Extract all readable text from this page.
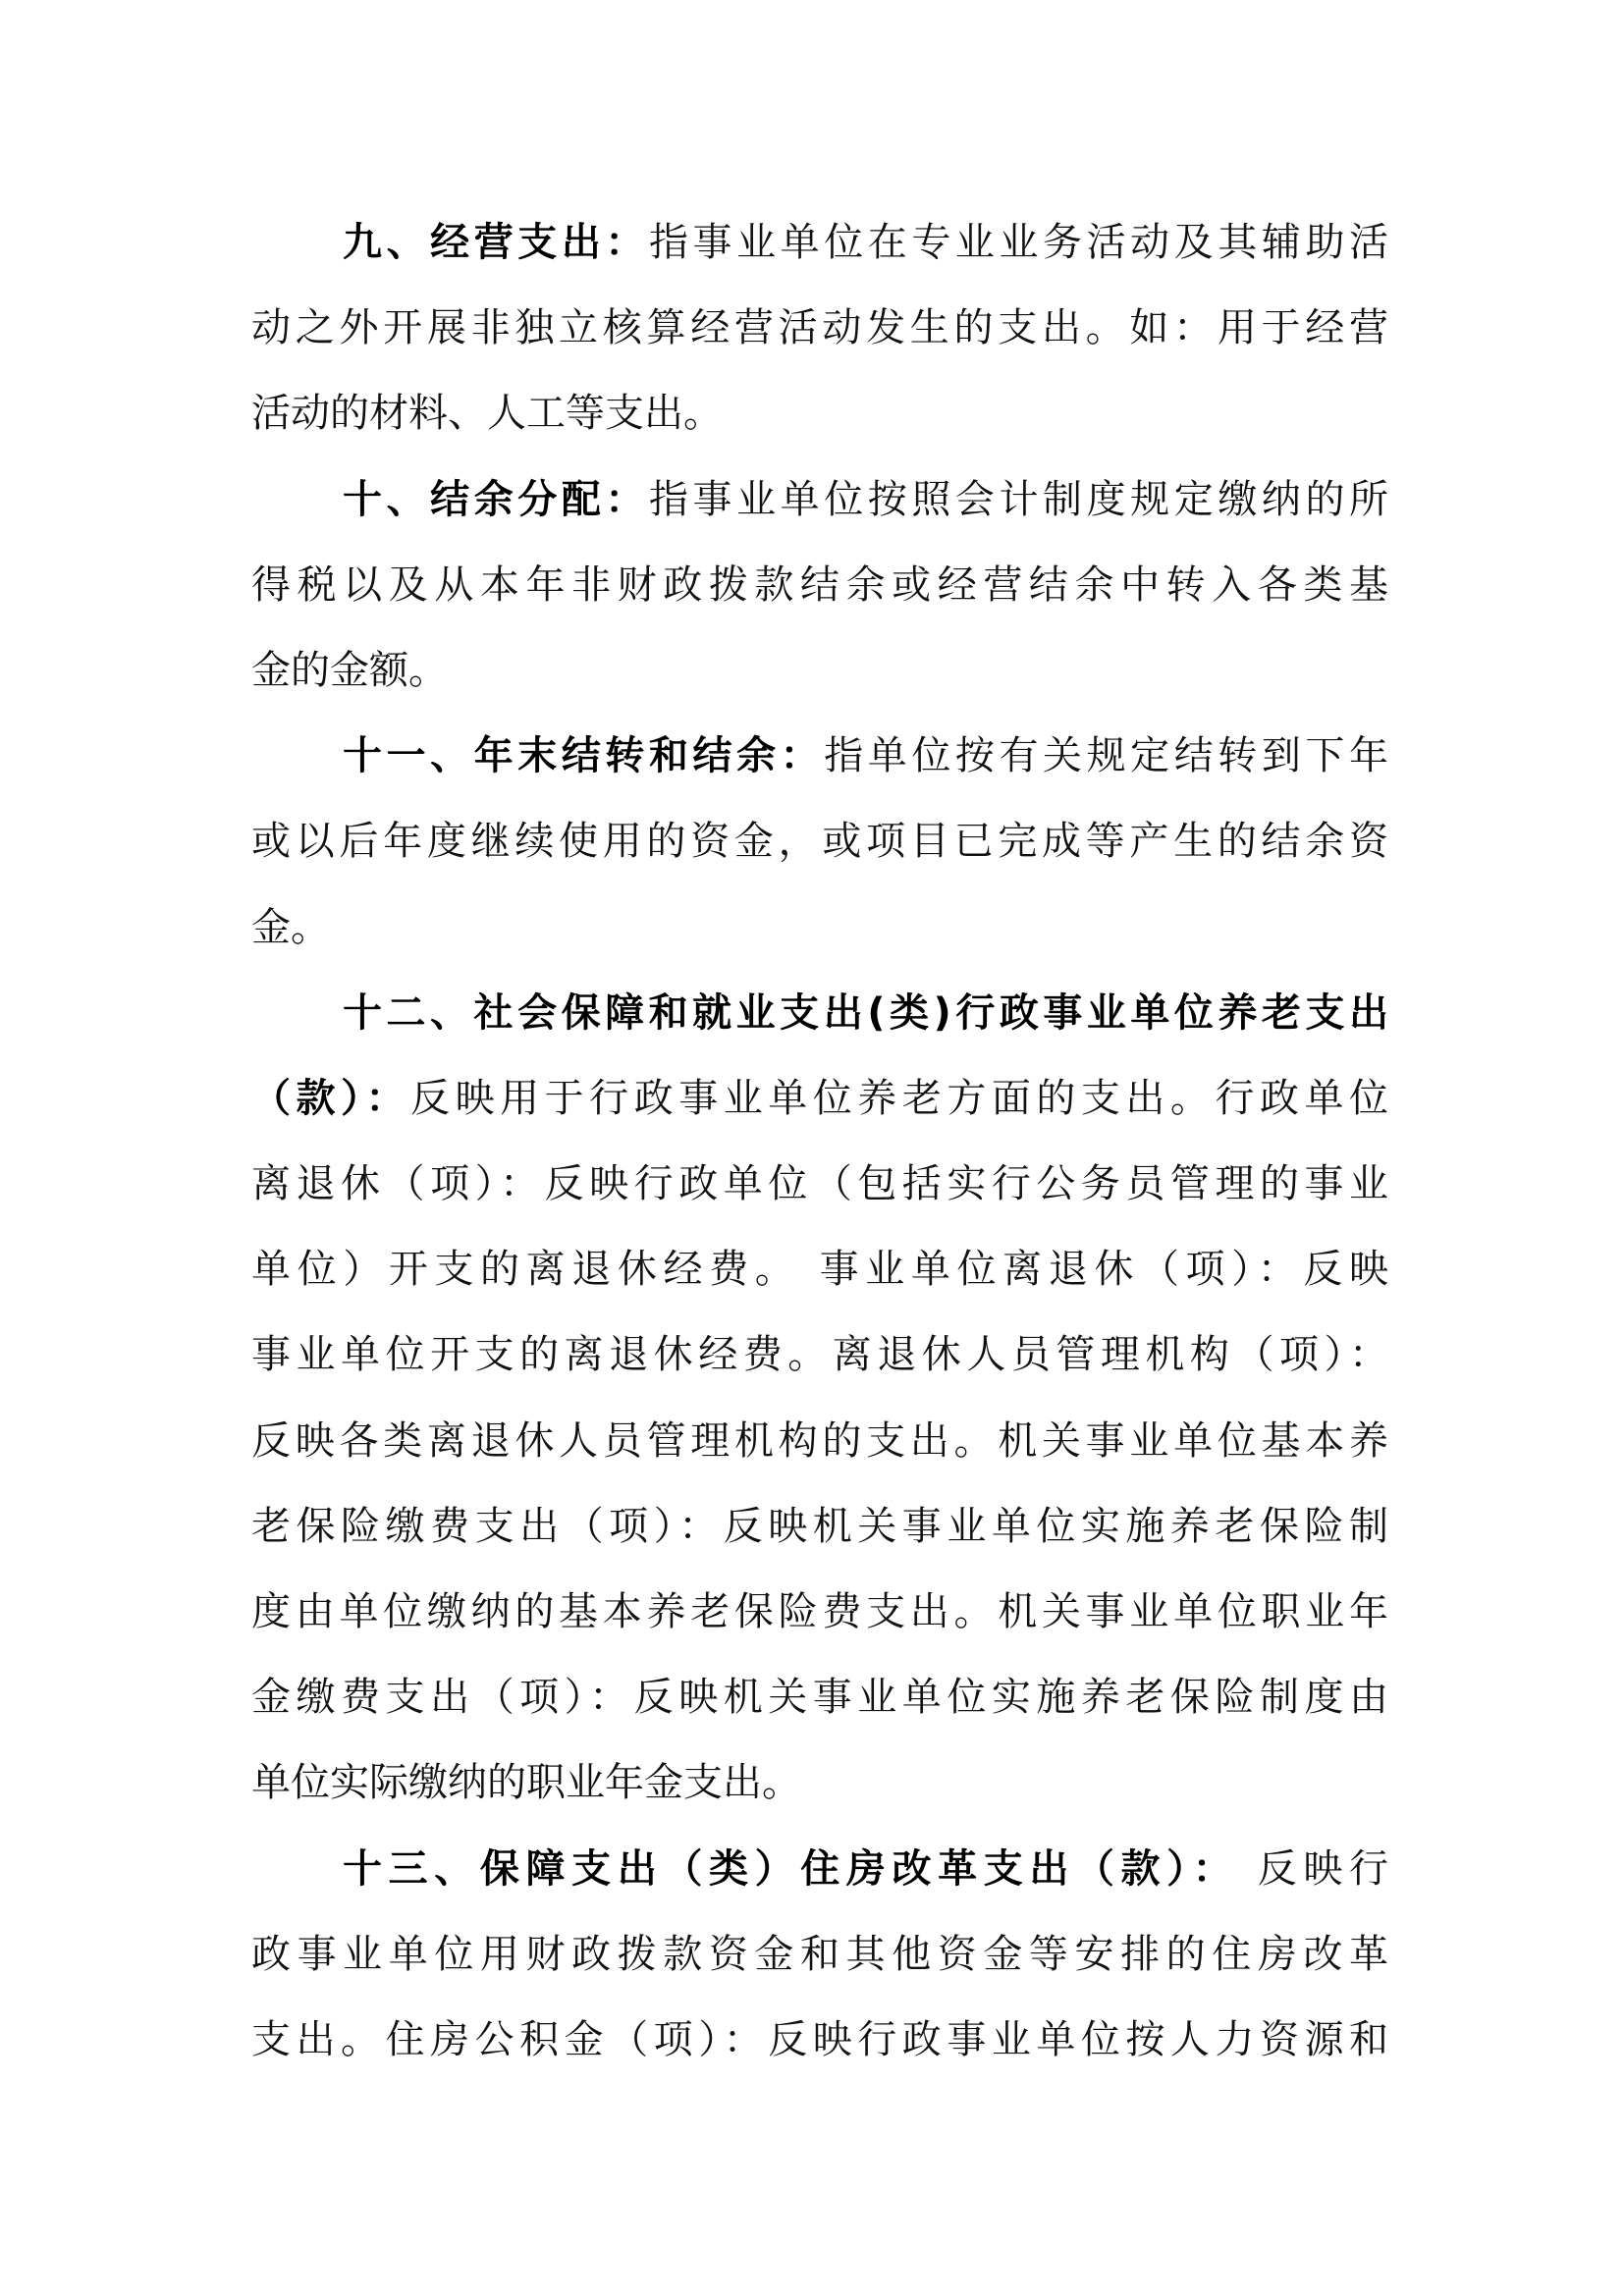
九、经营支出：指事业单位在专业业务活动及其辅助活
动之外开展非独立核算经营活动发生的支出。如：用于经营
活动的材料、人工等支出。
十、结余分配：指事业单位按照会计制度规定缴纳的所
得税以及从本年非财政拨款结余或经营结余中转入各类基
金的金额。
十一、年末结转和结余：指单位按有关规定结转到下年
或以后年度继续使用的资金，或项目已完成等产生的结余资
金。
十二、社会保障和就业支出(类)行政事业单位养老支出
（款）：反映用于行政事业单位养老方面的支出。行政单位
离退休（项）：反映行政单位（包括实行公务员管理的事业
单位）开支的离退休经费。 事业单位离退休（项）：反映
事业单位开支的离退休经费。离退休人员管理机构（项）：
反映各类离退休人员管理机构的支出。机关事业单位基本养
老保险缴费支出（项）：反映机关事业单位实施养老保险制
度由单位缴纳的基本养老保险费支出。机关事业单位职业年
金缴费支出（项）：反映机关事业单位实施养老保险制度由
单位实际缴纳的职业年金支出。
十三、保障支出（类）住房改革支出（款）： 反映行
政事业单位用财政拨款资金和其他资金等安排的住房改革
支出。住房公积金（项）：反映行政事业单位按人力资源和
